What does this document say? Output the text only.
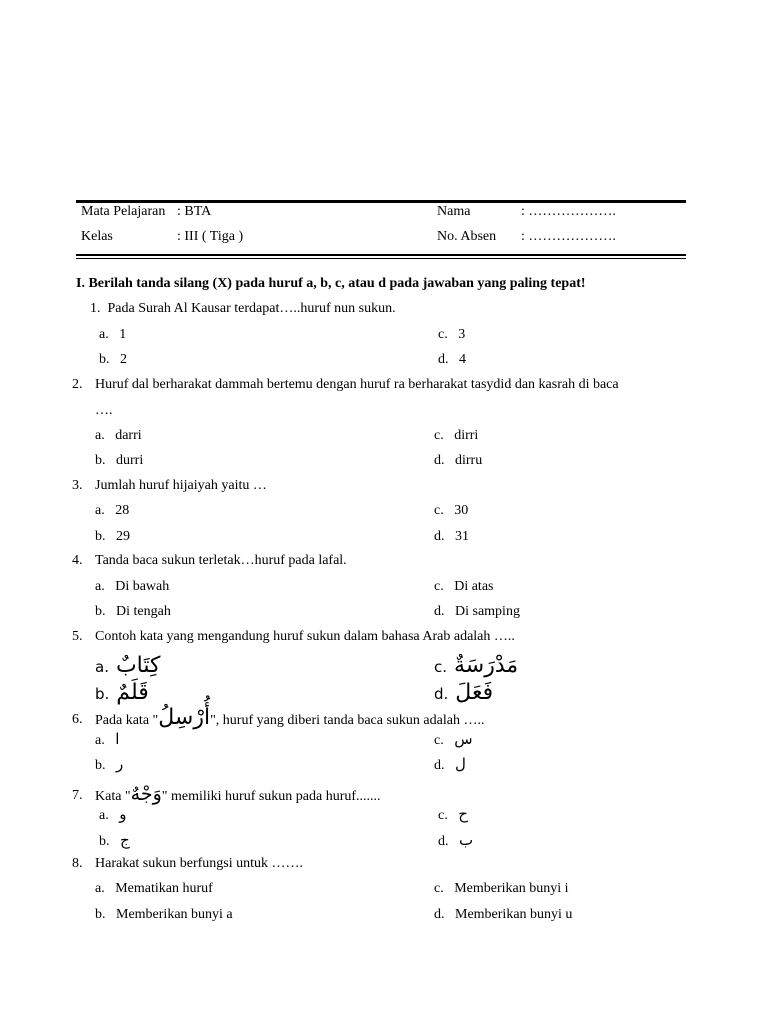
Mata Pelajaran : BTA
Kelas	: III ( Tiga )
Nama	: ……………….
No. Absen : ……………….
I. Berilah tanda silang (X) pada huruf a, b, c, atau d pada jawaban yang paling tepat!
1. Pada Surah Al Kausar terdapat…..huruf nun sukun.
a. 1
b. 2
c. 3
d. 4
2. Huruf dal berharakat dammah bertemu dengan huruf ra berharakat tasydid dan kasrah di baca
….
a. darri
b. durri
c. dirri
d. dirru
3. Jumlah huruf hijaiyah yaitu …
a. 28
b. 29
c. 30
d. 31
4. Tanda baca sukun terletak…huruf pada lafal.
a. Di bawah
b. Di tengah
c. Di atas
d. Di samping
5. Contoh kata yang mengandung huruf sukun dalam bahasa Arab adalah …..
a. كِتَابٌ
b. قَلَمٌ
c. مَدْرَسَةٌ
d. فَعَلَ
6. Pada kata "أُرْسِلُ", huruf yang diberi tanda baca sukun adalah …..
a. ا
b. ر
c. س
d. ل
7. Kata "وَجْهٌ" memiliki huruf sukun pada huruf.......
a. و
b. ج
c. ح
d. ب
8. Harakat sukun berfungsi untuk …….
a. Mematikan huruf
b. Memberikan bunyi a
c. Memberikan bunyi i
d. Memberikan bunyi u
